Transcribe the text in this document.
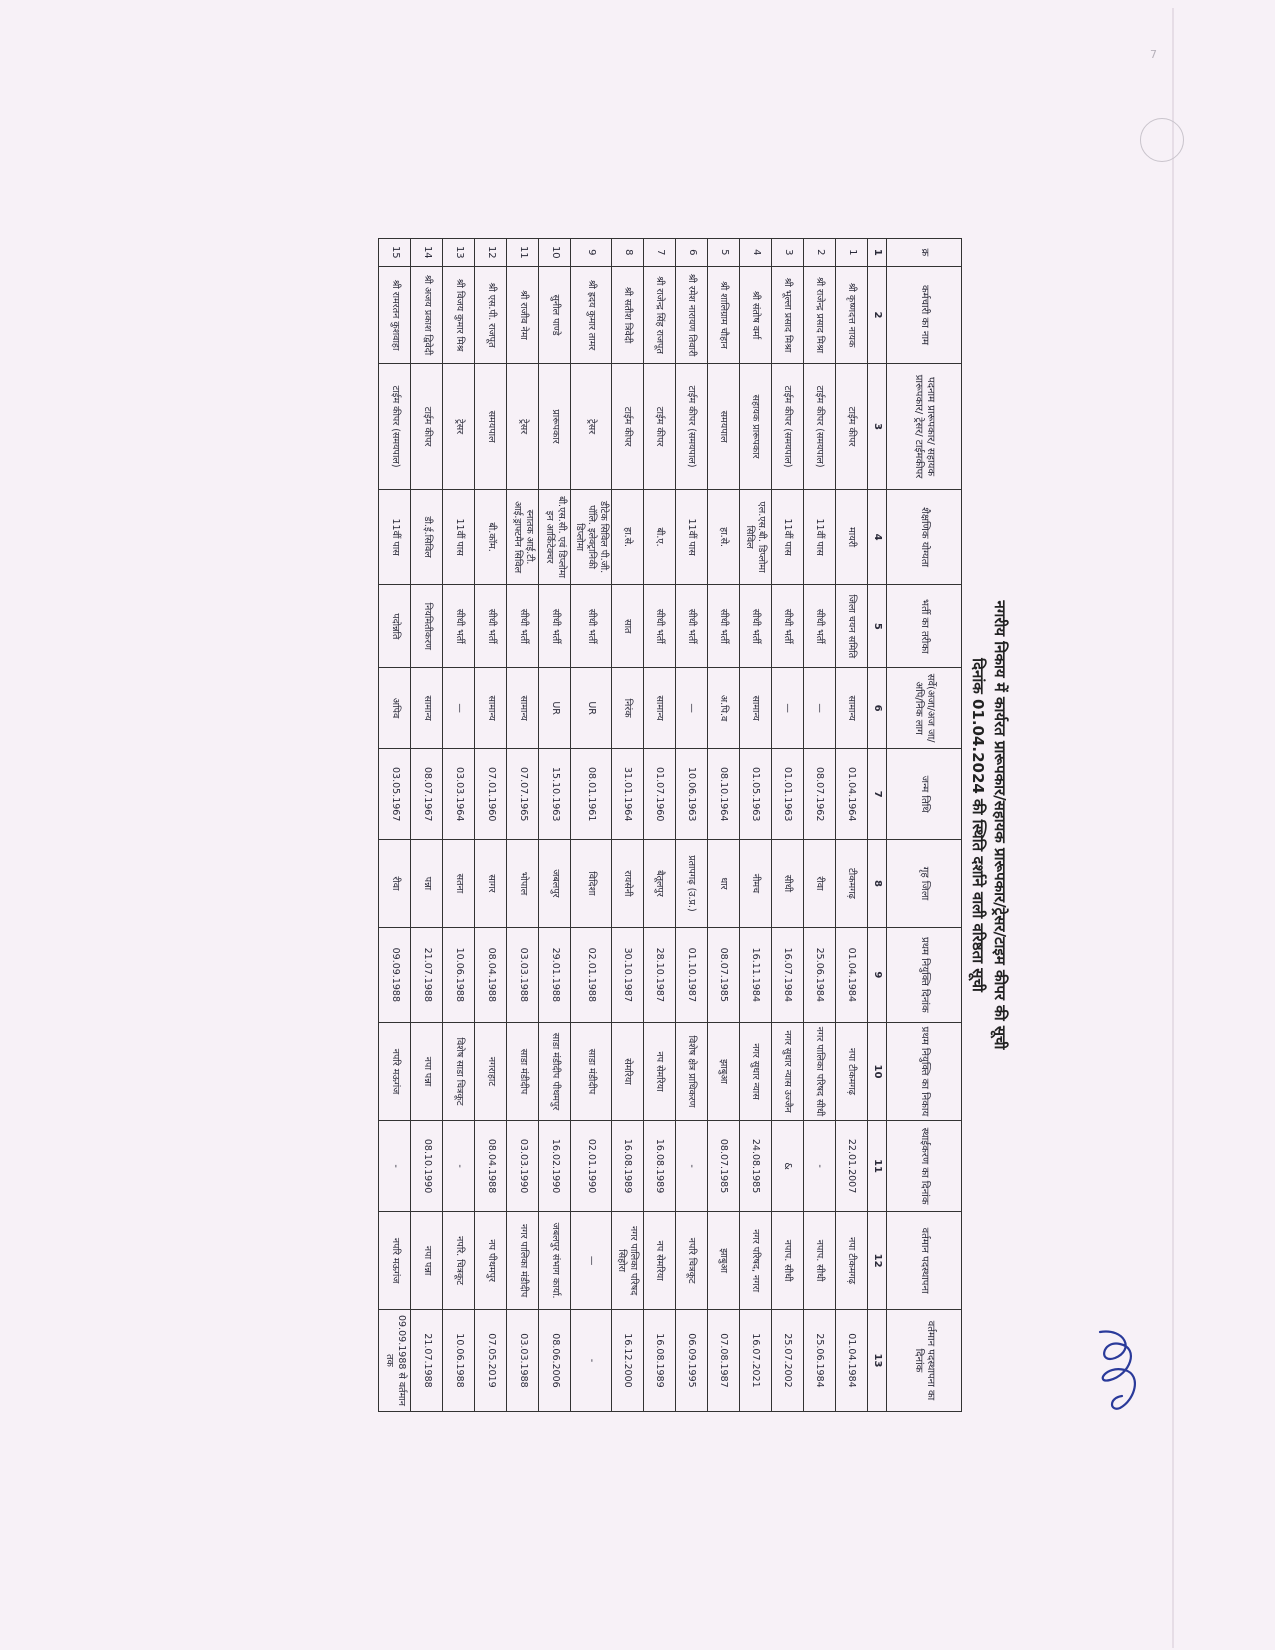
7
नगरीय निकाय में कार्यरत प्रारूपकार/सहायक प्रारूपकार/ट्रेसर/टाइम कीपर की सूची
दिनांक 01.04.2024 की स्थिति दर्शाने वाली वरिष्ठता सूची
क्र	कर्मचारी का नाम	पदनाम प्रारूपकार/ सहायक प्रारूपकार/ ट्रेसर/ टाईमकीपर	शैक्षणिक योग्यता	भर्ती का तरीका	सर्वे(अजा/अज जा/अपि/निक लाग	जन्म तिथि	गृह जिला	प्रथम नियुक्ति दिनांक	प्रथम नियुक्ति का निकाय	स्थाईकरण का दिनांक	वर्तमान पदस्थापना	वर्तमान पदस्थापना का दिनांक
1	2	3	4	5	6	7	8	9	10	11	12	13
1	श्री कृष्णदत्त नायक	टाईम कीपर	मायरी	जिला चयन समिति	सामान्य	01.04.1964	टीकमगढ़	01.04.1984	नपा टीकमगढ़	22.01.2007	नपा टीकमगढ़	01.04.1984
2	श्री राजेन्द्र प्रसाद मिश्रा	टाईम कीपर (समयपाल)	11वीं पास	सीधी भर्ती	—	08.07.1962	रीवा	25.06.1984	नगर पालिका परिषद सीधी	-	नपाप. सीधी	25.06.1984
3	श्री भूल्ला प्रसाद मिश्रा	टाईम कीपर (समयपाल)	11वीं पास	सीधी भर्ती	—	01.01.1963	सीधी	16.07.1984	नगर सुधार न्यास उज्जैन	&	नपाप. सीधी	25.07.2002
4	श्री संतोष वर्मा	सहायक प्रारूपकार	एल.एस.बी. डिप्लोमा सिविल	सीधी भर्ती	सामान्य	01.05.1963	नीमच	16.11.1984	नगर सुधार न्यास	24.08.1985	नगर परिषद, नगरा	16.07.2021
5	श्री शालिग्राम चौहान	समयपाल	हा.से.	सीधी भर्ती	अ.पि.व	08.10.1964	धार	08.07.1985	झाबुआ	08.07.1985	झाबुआ	07.08.1987
6	श्री रमेश नारायण तिवारी	टाईम कीपर (समयपाल)	11वीं पास	सीधी भर्ती	—	10.06.1963	प्रतापगढ़ (उ.प्र.)	01.10.1987	विशेष क्षेत्र प्राधिकरण	-	नपरि चित्रकूट	06.09.1995
7	श्री राजेन्द्र सिंह राजपूत	टाईम कीपर	बी.ए.	सीधी भर्ती	सामान्य	01.07.1960	बैतूलपुर	28.10.1987	नप सेमरिया	16.08.1989	नप सेमरिया	16.08.1989
8	श्री सतीश त्रिवेदी	टाईम कीपर	हा.से.	सात	निरंक	31.01.1964	रायसेनी	30.10.1987	सेमरिया	16.08.1989	नगर पालिका परिषद सिहोरा	16.12.2000
9	श्री ह्रदय कुमार तामर	ट्रेसर	डीटेक सिविल पी.जी. पॉलि. इलेक्ट्रानिकी डिप्लोमा	सीधी भर्ती	UR	08.01.1961	विदिशा	02.01.1988	साडा मंडीदीप	02.01.1990	—	-
10	सुनील पाण्डे	प्रारूपकार	बी.एस.सी. एवं डिप्लोमा इन आर्किटेक्चर	सीधी भर्ती	UR	15.10.1963	जबलपुर	29.01.1988	साडा मंडीदीप पीथमपुर	16.02.1990	जबलपुर संभाग कार्या.	08.06.2006
11	श्री राजीव नेमा	ट्रेसर	स्नातक आई.टी. आई.ड्राफ्टमैन सिविल	सीधी भर्ती	सामान्य	07.07.1965	भोपाल	03.03.1988	साडा मंडीदीप	03.03.1990	नगर पालिका मंडीदीप	03.03.1988
12	श्री एस.पी. राजपूत	समयपाल	बी.कॉम.	सीधी भर्ती	सामान्य	07.01.1960	सागर	08.04.1988	नगराहाट	08.04.1988	नप पीथमपुर	07.05.2019
13	श्री विजय कुमार मिश्र	ट्रेसर	11वीं पास	सीधी भर्ती	—	03.03.1964	सतना	10.06.1988	विशेष साडा चित्रकूट	-	नपरि. चित्रकूट	10.06.1988
14	श्री अजय प्रकाश द्विवेदी	टाईम कीपर	डी.ई.सिविल	नियमितीकरण	सामान्य	08.07.1967	पन्ना	21.07.1988	नपा पन्ना	08.10.1990	नपा पन्ना	21.07.1988
15	श्री रामरतन कुशवाहा	टाईम कीपर (समयपाल)	11वीं पास	पदोन्नति	अपिव	03.05.1967	रीवा	09.09.1988	नपरि मऊगंज	-	नपरि मऊगंज	09.09.1988 से वर्तमान तक
